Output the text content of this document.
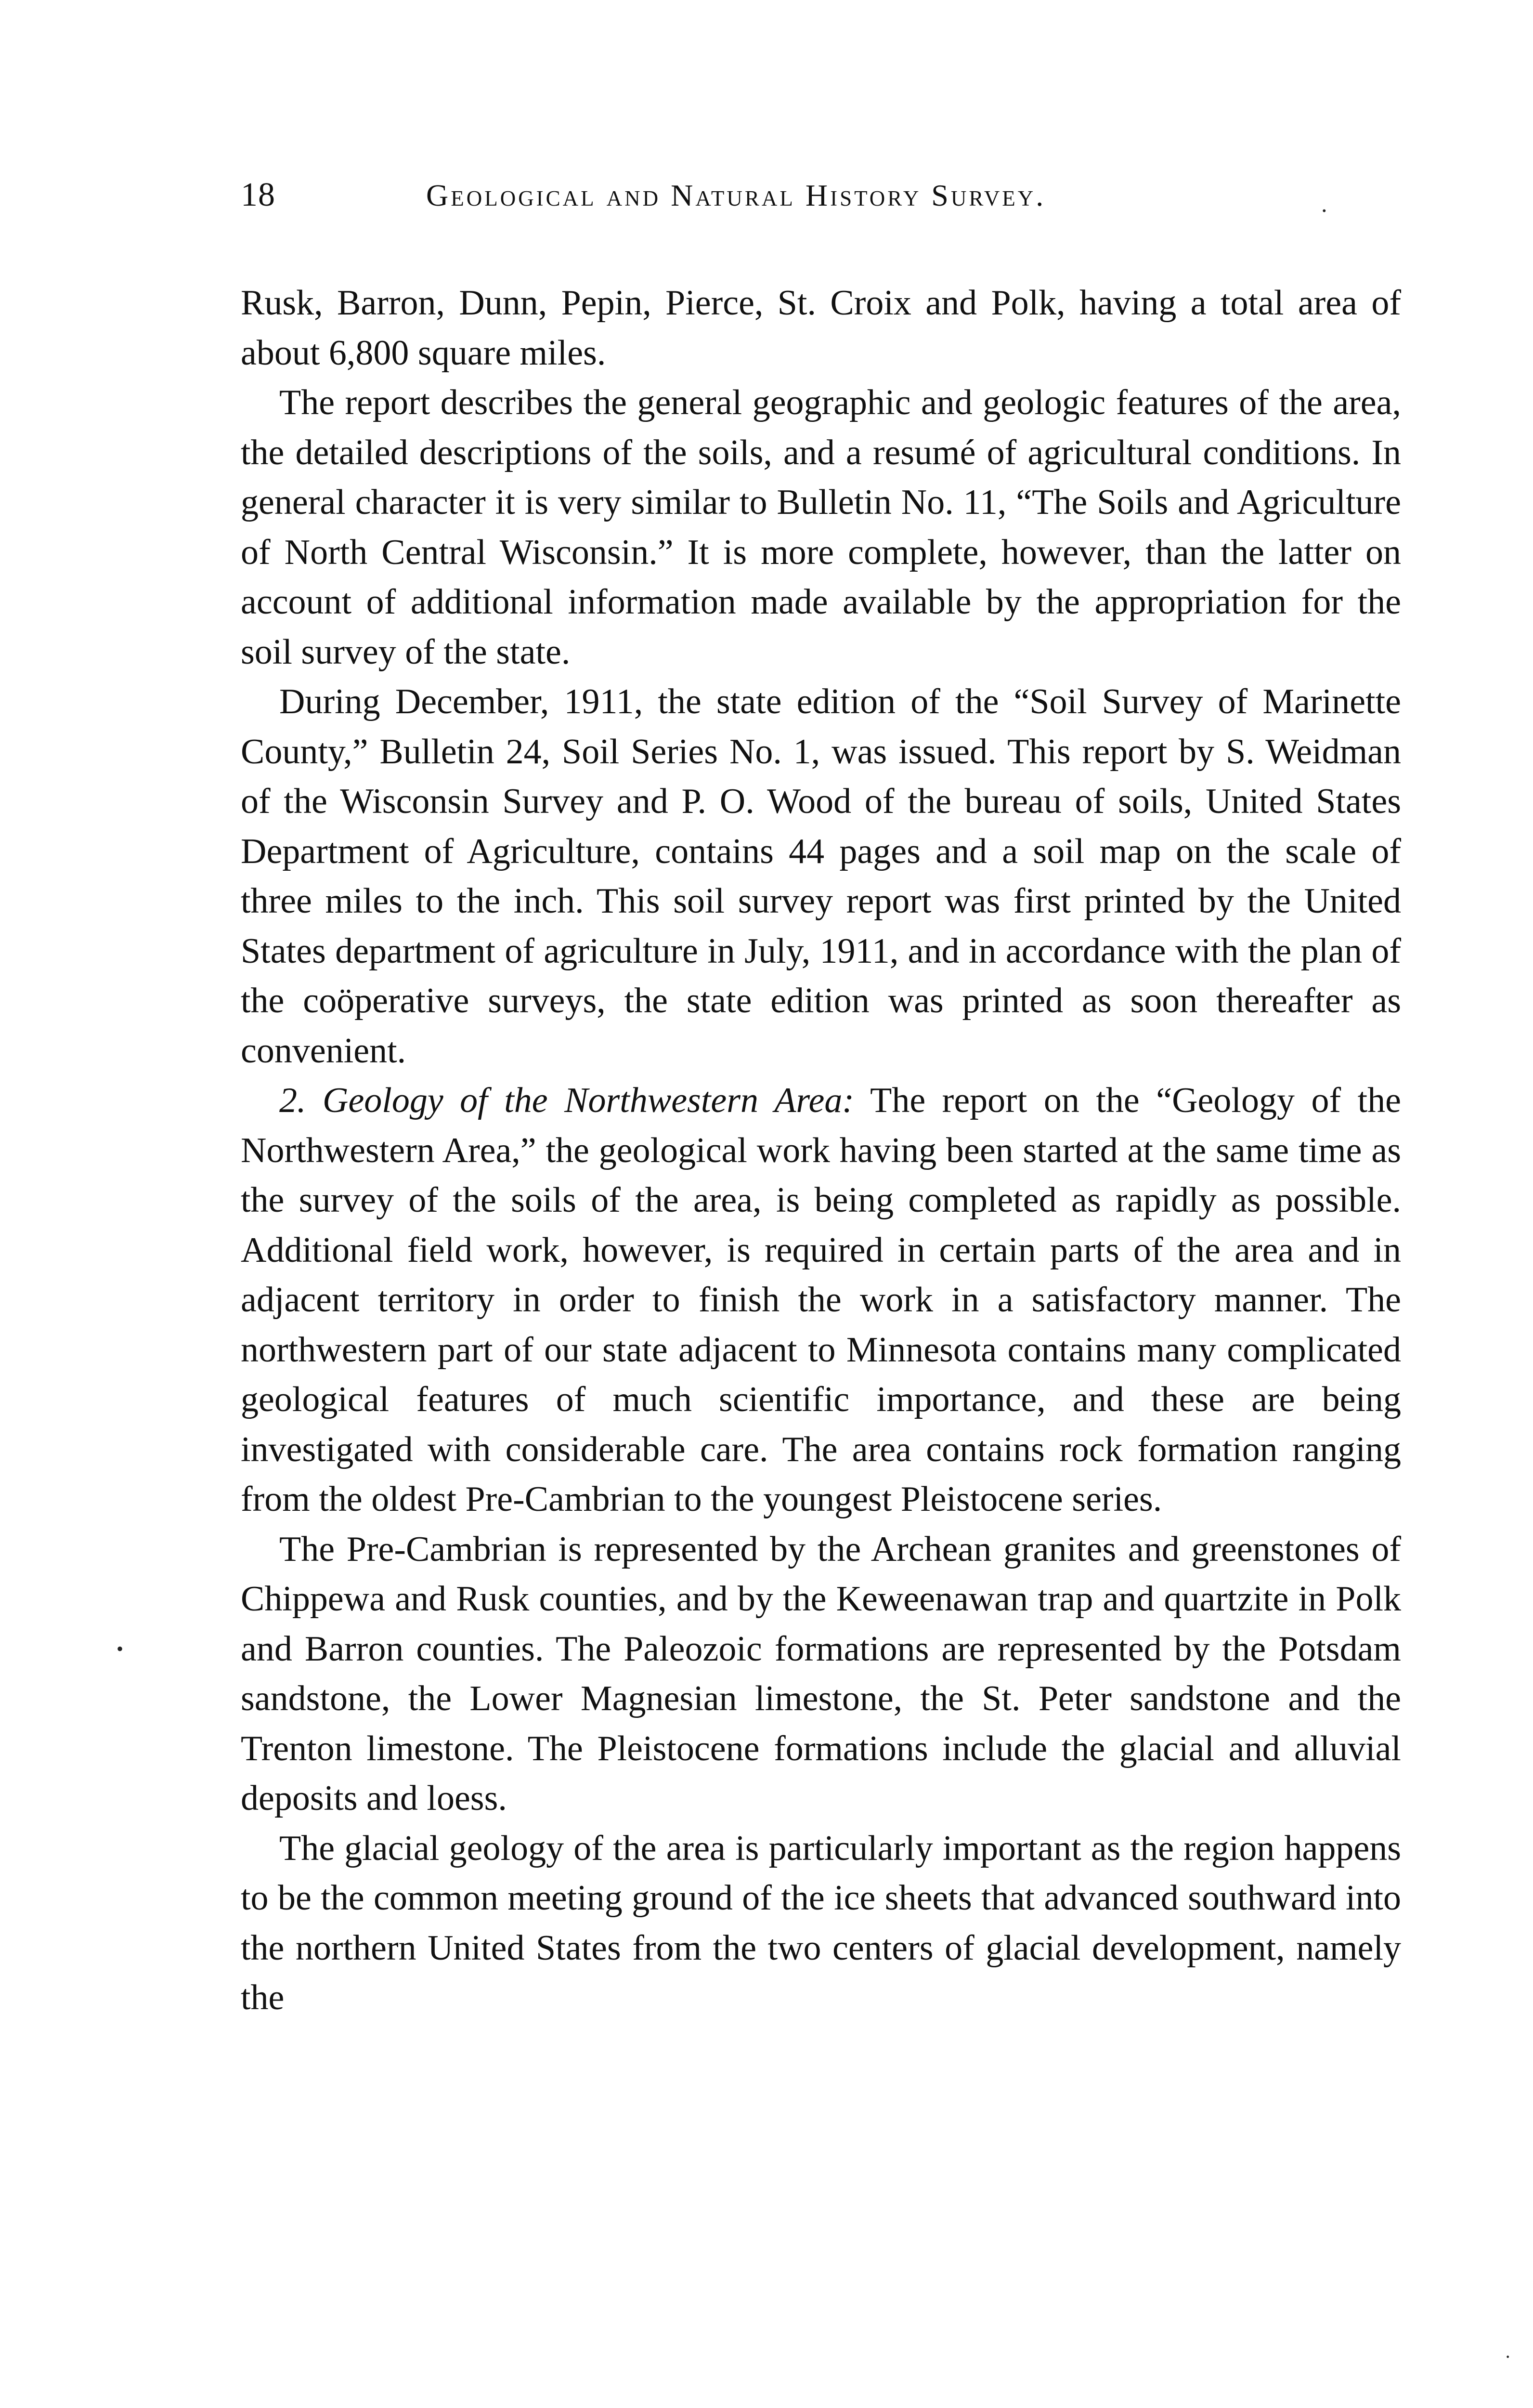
18	Geological and Natural History Survey.	·
•
·

Rusk, Barron, Dunn, Pepin, Pierce, St. Croix and Polk, having a total area of about 6,800 square miles.

The report describes the general geographic and geologic features of the area, the detailed descriptions of the soils, and a resumé of agricultural conditions. In general character it is very similar to Bulletin No. 11, “The Soils and Agriculture of North Central Wisconsin.” It is more complete, however, than the latter on account of additional information made available by the appropriation for the soil survey of the state.

During December, 1911, the state edition of the “Soil Survey of Marinette County,” Bulletin 24, Soil Series No. 1, was issued. This report by S. Weidman of the Wisconsin Survey and P. O. Wood of the bureau of soils, United States Department of Agriculture, contains 44 pages and a soil map on the scale of three miles to the inch. This soil survey report was first printed by the United States department of agriculture in July, 1911, and in accordance with the plan of the coöperative surveys, the state edition was printed as soon thereafter as convenient.

2. Geology of the Northwestern Area: The report on the “Geology of the Northwestern Area,” the geological work having been started at the same time as the survey of the soils of the area, is being completed as rapidly as possible. Additional field work, however, is required in certain parts of the area and in adjacent territory in order to finish the work in a satisfactory manner. The northwestern part of our state adjacent to Minnesota contains many complicated geological features of much scientific importance, and these are being investigated with considerable care. The area contains rock formation ranging from the oldest Pre-Cambrian to the youngest Pleistocene series.

The Pre-Cambrian is represented by the Archean granites and greenstones of Chippewa and Rusk counties, and by the Keweenawan trap and quartzite in Polk and Barron counties. The Paleozoic formations are represented by the Potsdam sandstone, the Lower Magnesian limestone, the St. Peter sandstone and the Trenton limestone. The Pleistocene formations include the glacial and alluvial deposits and loess.

The glacial geology of the area is particularly important as the region happens to be the common meeting ground of the ice sheets that advanced southward into the northern United States from the two centers of glacial development, namely the
